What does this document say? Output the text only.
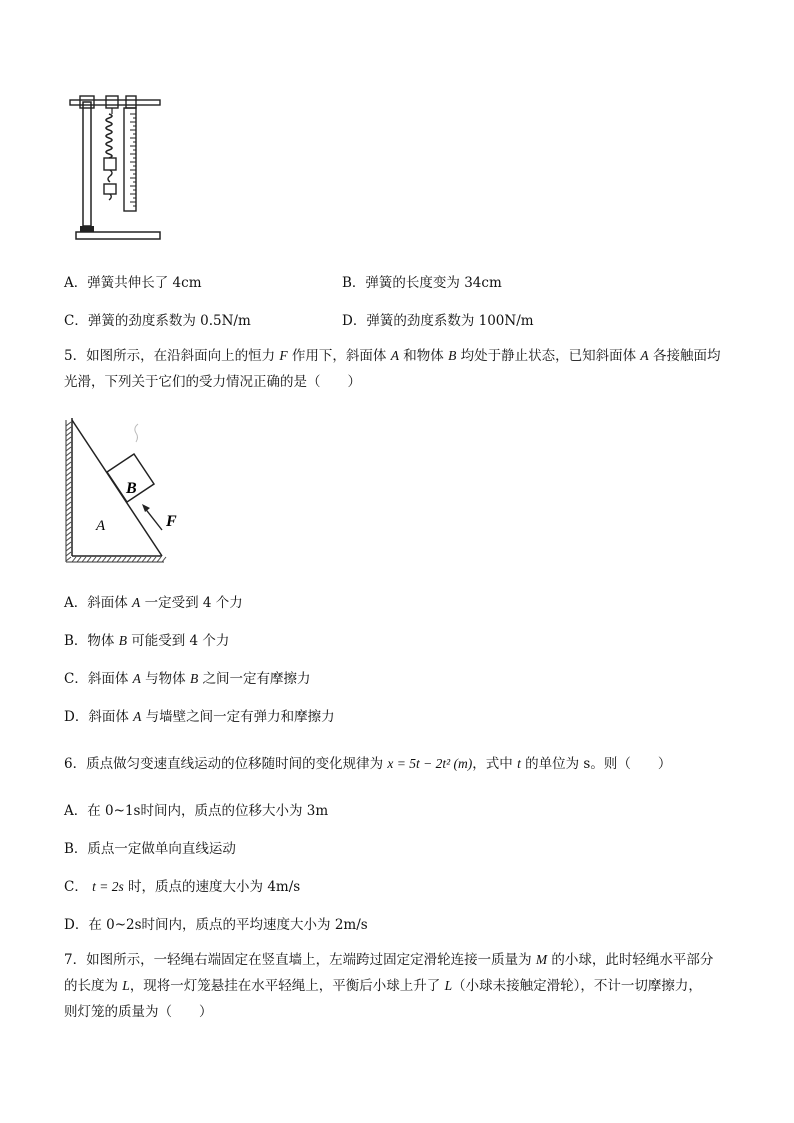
A．弹簧共伸长了 4cm	B．弹簧的长度变为 34cm
C．弹簧的劲度系数为 0.5N/m	D．弹簧的劲度系数为 100N/m
5．如图所示，在沿斜面向上的恒力 F 作用下，斜面体 A 和物体 B 均处于静止状态，已知斜面体 A 各接触面均
光滑，下列关于它们的受力情况正确的是（　　）
B
A	F
A．斜面体 A 一定受到 4 个力
B．物体 B 可能受到 4 个力
C．斜面体 A 与物体 B 之间一定有摩擦力
D．斜面体 A 与墙壁之间一定有弹力和摩擦力
6．质点做匀变速直线运动的位移随时间的变化规律为 x = 5t − 2t² (m)，式中 t 的单位为 s。则（　　）
A．在 0~1s时间内，质点的位移大小为 3m
B．质点一定做单向直线运动
C． t = 2s 时，质点的速度大小为 4m/s
D．在 0~2s时间内，质点的平均速度大小为 2m/s
7．如图所示，一轻绳右端固定在竖直墙上，左端跨过固定定滑轮连接一质量为 M 的小球，此时轻绳水平部分
的长度为 L，现将一灯笼悬挂在水平轻绳上，平衡后小球上升了 L（小球未接触定滑轮），不计一切摩擦力，
则灯笼的质量为（　　）
